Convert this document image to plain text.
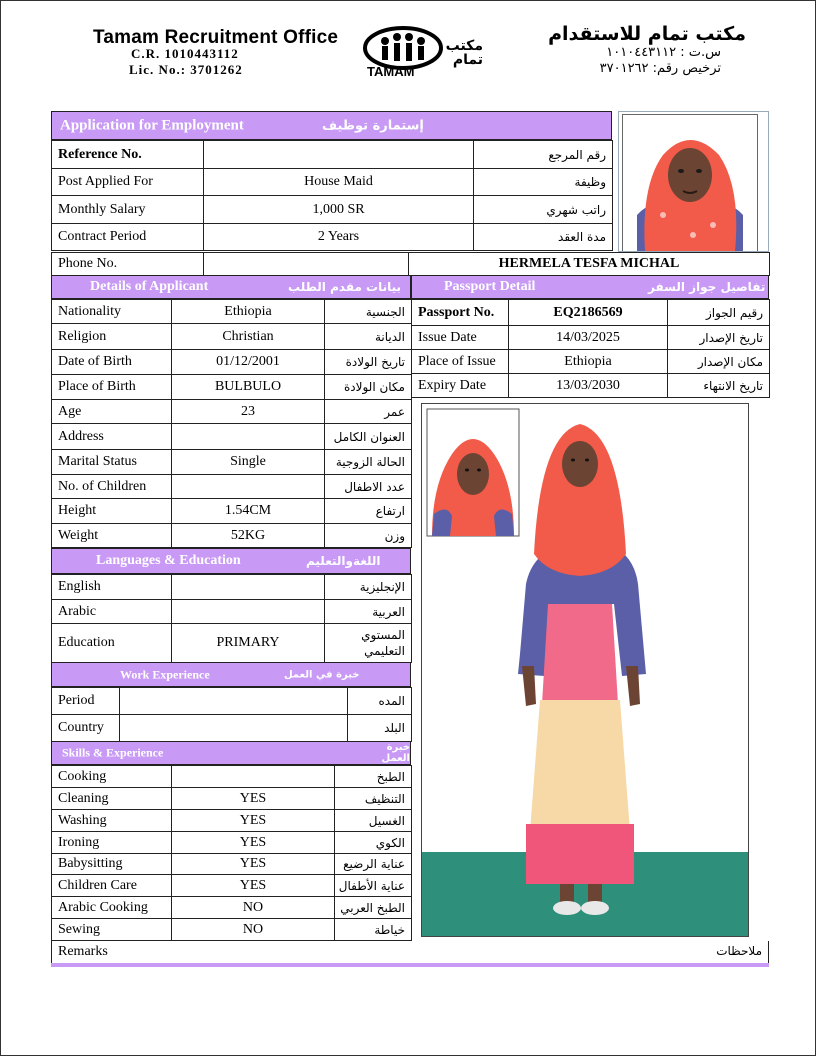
Tamam Recruitment Office
C.R. 1010443112
Lic. No.: 3701262
مكتب تمام
TAMAM
مكتب تمام للاستقدام
س.ت : ١٠١٠٤٤٣١١٢
ترخيص رقم: ٣٧٠١٢٦٢
Application for Employment	إستمارة توظيف
Reference No.		رقم المرجع
Post Applied For	House Maid	وظيفة
Monthly Salary	1,000 SR	راتب شهري
Contract Period	2 Years	مدة العقد
Phone No.		HERMELA TESFA MICHAL
Details of Applicant	بيانات مقدم الطلب
Nationality	Ethiopia	الجنسية
Religion	Christian	الديانة
Date of Birth	01/12/2001	تاريخ الولادة
Place of Birth	BULBULO	مكان الولادة
Age	23	عمر
Address		العنوان الكامل
Marital Status	Single	الحالة الزوجية
No. of Children		عدد الاطفال
Height	1.54CM	ارتفاع
Weight	52KG	وزن
Passport Detail	تفاصيل جواز السفر
Passport No.	EQ2186569	رقيم الجواز
Issue Date	14/03/2025	تاريخ الإصدار
Place of Issue	Ethiopia	مكان الإصدار
Expiry Date	13/03/2030	تاريخ الانتهاء
Languages & Education	اللغةوالتعليم
English		الإنجليزية
Arabic		العربية
Education	PRIMARY	المستوي التعليمي
Work Experience	خبرة في العمل
Period		المده
Country		البلد
Skills & Experience	خبرة العمل
Cooking		الطبخ
Cleaning	YES	التنظيف
Washing	YES	الغسيل
Ironing	YES	الكوي
Babysitting	YES	عناية الرضيع
Children Care	YES	عناية الأطفال
Arabic Cooking	NO	الطبخ العربي
Sewing	NO	خياطة
Remarks	ملاحظات
